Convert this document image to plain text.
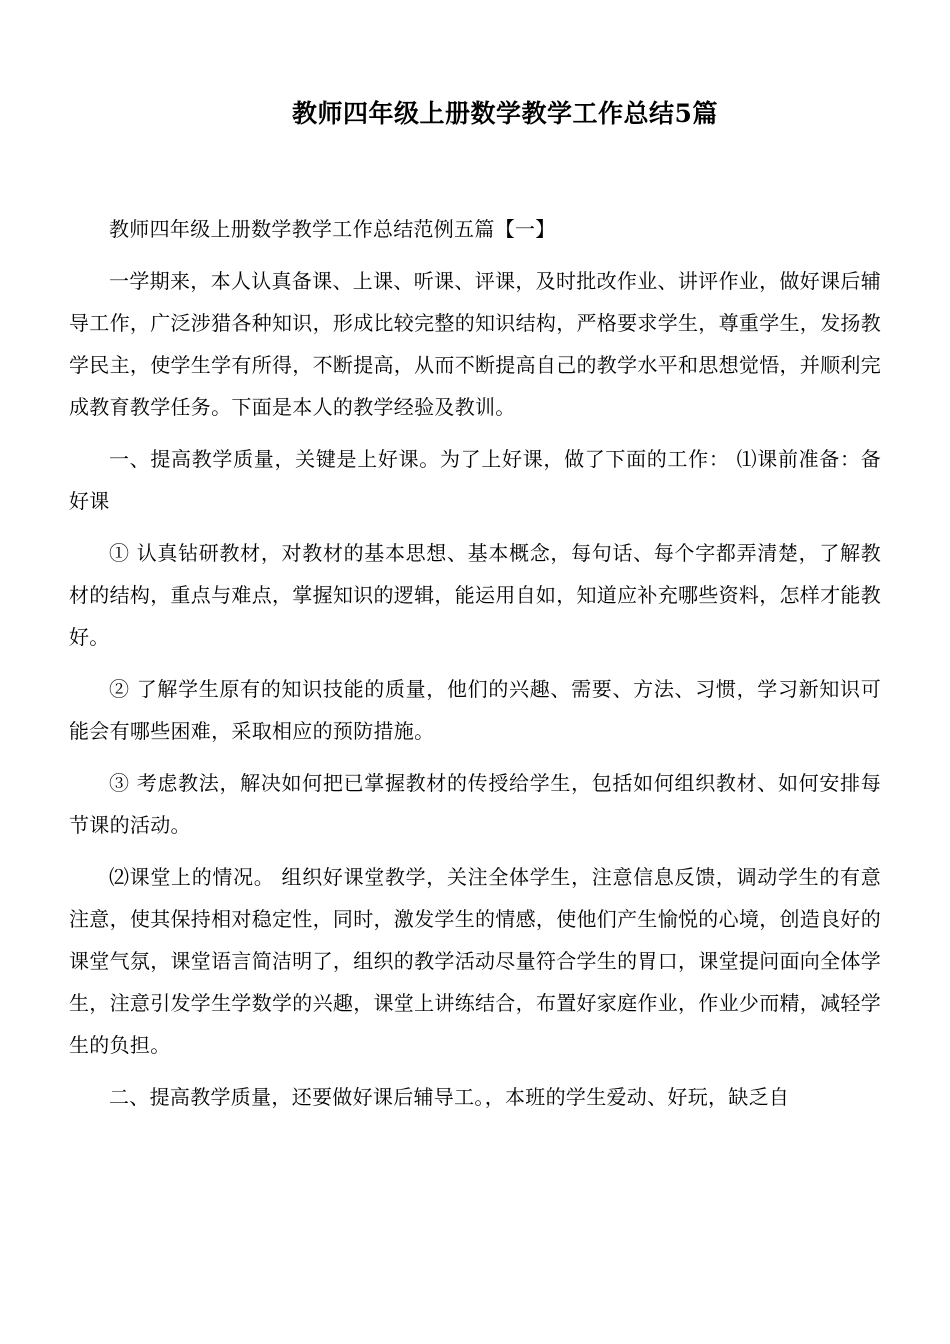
教师四年级上册数学教学工作总结5篇

教师四年级上册数学教学工作总结范例五篇【一】

一学期来，本人认真备课、上课、听课、评课，及时批改作业、讲评作业，做好课后辅导工作，广泛涉猎各种知识，形成比较完整的知识结构，严格要求学生，尊重学生，发扬教学民主，使学生学有所得，不断提高，从而不断提高自己的教学水平和思想觉悟，并顺利完成教育教学任务。下面是本人的教学经验及教训。

一、提高教学质量，关键是上好课。为了上好课，做了下面的工作： ⑴课前准备：备好课

① 认真钻研教材，对教材的基本思想、基本概念，每句话、每个字都弄清楚，了解教材的结构，重点与难点，掌握知识的逻辑，能运用自如，知道应补充哪些资料，怎样才能教好。

② 了解学生原有的知识技能的质量，他们的兴趣、需要、方法、习惯，学习新知识可能会有哪些困难，采取相应的预防措施。

③ 考虑教法，解决如何把已掌握教材的传授给学生，包括如何组织教材、如何安排每节课的活动。

⑵课堂上的情况。 组织好课堂教学，关注全体学生，注意信息反馈，调动学生的有意注意，使其保持相对稳定性，同时，激发学生的情感，使他们产生愉悦的心境，创造良好的课堂气氛，课堂语言简洁明了，组织的教学活动尽量符合学生的胃口，课堂提问面向全体学生，注意引发学生学数学的兴趣，课堂上讲练结合，布置好家庭作业，作业少而精，减轻学生的负担。

二、提高教学质量，还要做好课后辅导工。，本班的学生爱动、好玩，缺乏自
